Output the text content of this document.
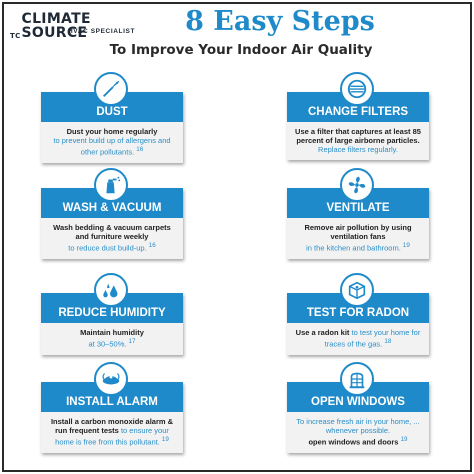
TC
CLIMATE SOURCE
HVAC SPECIALIST	8 Easy Steps
To Improve Your Indoor Air Quality
DUST
Dust your home regularly
to prevent build up of allergens and other pollutants. $^{16}$
CHANGE FILTERS
Use a filter that captures at least 85 percent of large airborne particles. Replace filters regularly.
WASH & VACUUM
Wash bedding & vacuum carpets and furniture weekly
to reduce dust build-up. $^{16}$
VENTILATE
Remove air pollution by using ventilation fans
in the kitchen and bathroom. $^{19}$
REDUCE HUMIDITY
Maintain humidity
at 30–50%. $^{17}$
TEST FOR RADON
Use a radon kit to test your home for traces of the gas. $^{18}$
INSTALL ALARM
Install a carbon monoxide alarm & run frequent tests to ensure your home is free from this pollutant. $^{19}$
OPEN WINDOWS
To increase fresh air in your home, ... whenever possible.
open windows and doors $^{19}$
